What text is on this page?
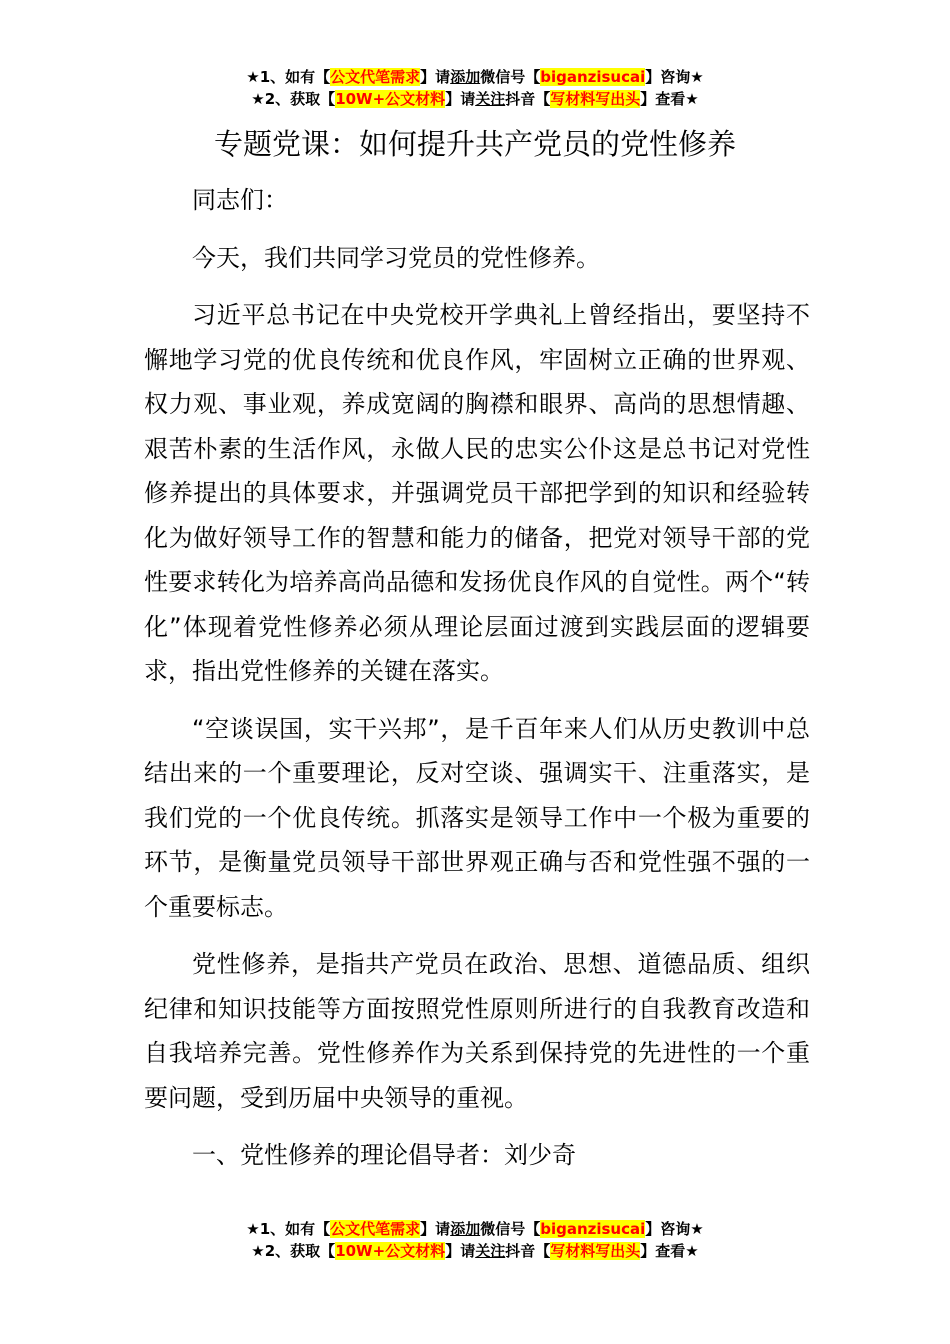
★1、如有【公文代笔需求】请添加微信号【biganzisucai】咨询★
★2、获取【10W+公文材料】请关注抖音【写材料写出头】查看★
专题党课：如何提升共产党员的党性修养

同志们：

今天，我们共同学习党员的党性修养。

习近平总书记在中央党校开学典礼上曾经指出，要坚持不懈地学习党的优良传统和优良作风，牢固树立正确的世界观、权力观、事业观，养成宽阔的胸襟和眼界、高尚的思想情趣、艰苦朴素的生活作风，永做人民的忠实公仆这是总书记对党性修养提出的具体要求，并强调党员干部把学到的知识和经验转化为做好领导工作的智慧和能力的储备，把党对领导干部的党性要求转化为培养高尚品德和发扬优良作风的自觉性。两个“转化”体现着党性修养必须从理论层面过渡到实践层面的逻辑要求，指出党性修养的关键在落实。

“空谈误国，实干兴邦”，是千百年来人们从历史教训中总结出来的一个重要理论，反对空谈、强调实干、注重落实，是我们党的一个优良传统。抓落实是领导工作中一个极为重要的环节，是衡量党员领导干部世界观正确与否和党性强不强的一个重要标志。

党性修养，是指共产党员在政治、思想、道德品质、组织纪律和知识技能等方面按照党性原则所进行的自我教育改造和自我培养完善。党性修养作为关系到保持党的先进性的一个重要问题，受到历届中央领导的重视。

一、党性修养的理论倡导者：刘少奇

★1、如有【公文代笔需求】请添加微信号【biganzisucai】咨询★
★2、获取【10W+公文材料】请关注抖音【写材料写出头】查看★
